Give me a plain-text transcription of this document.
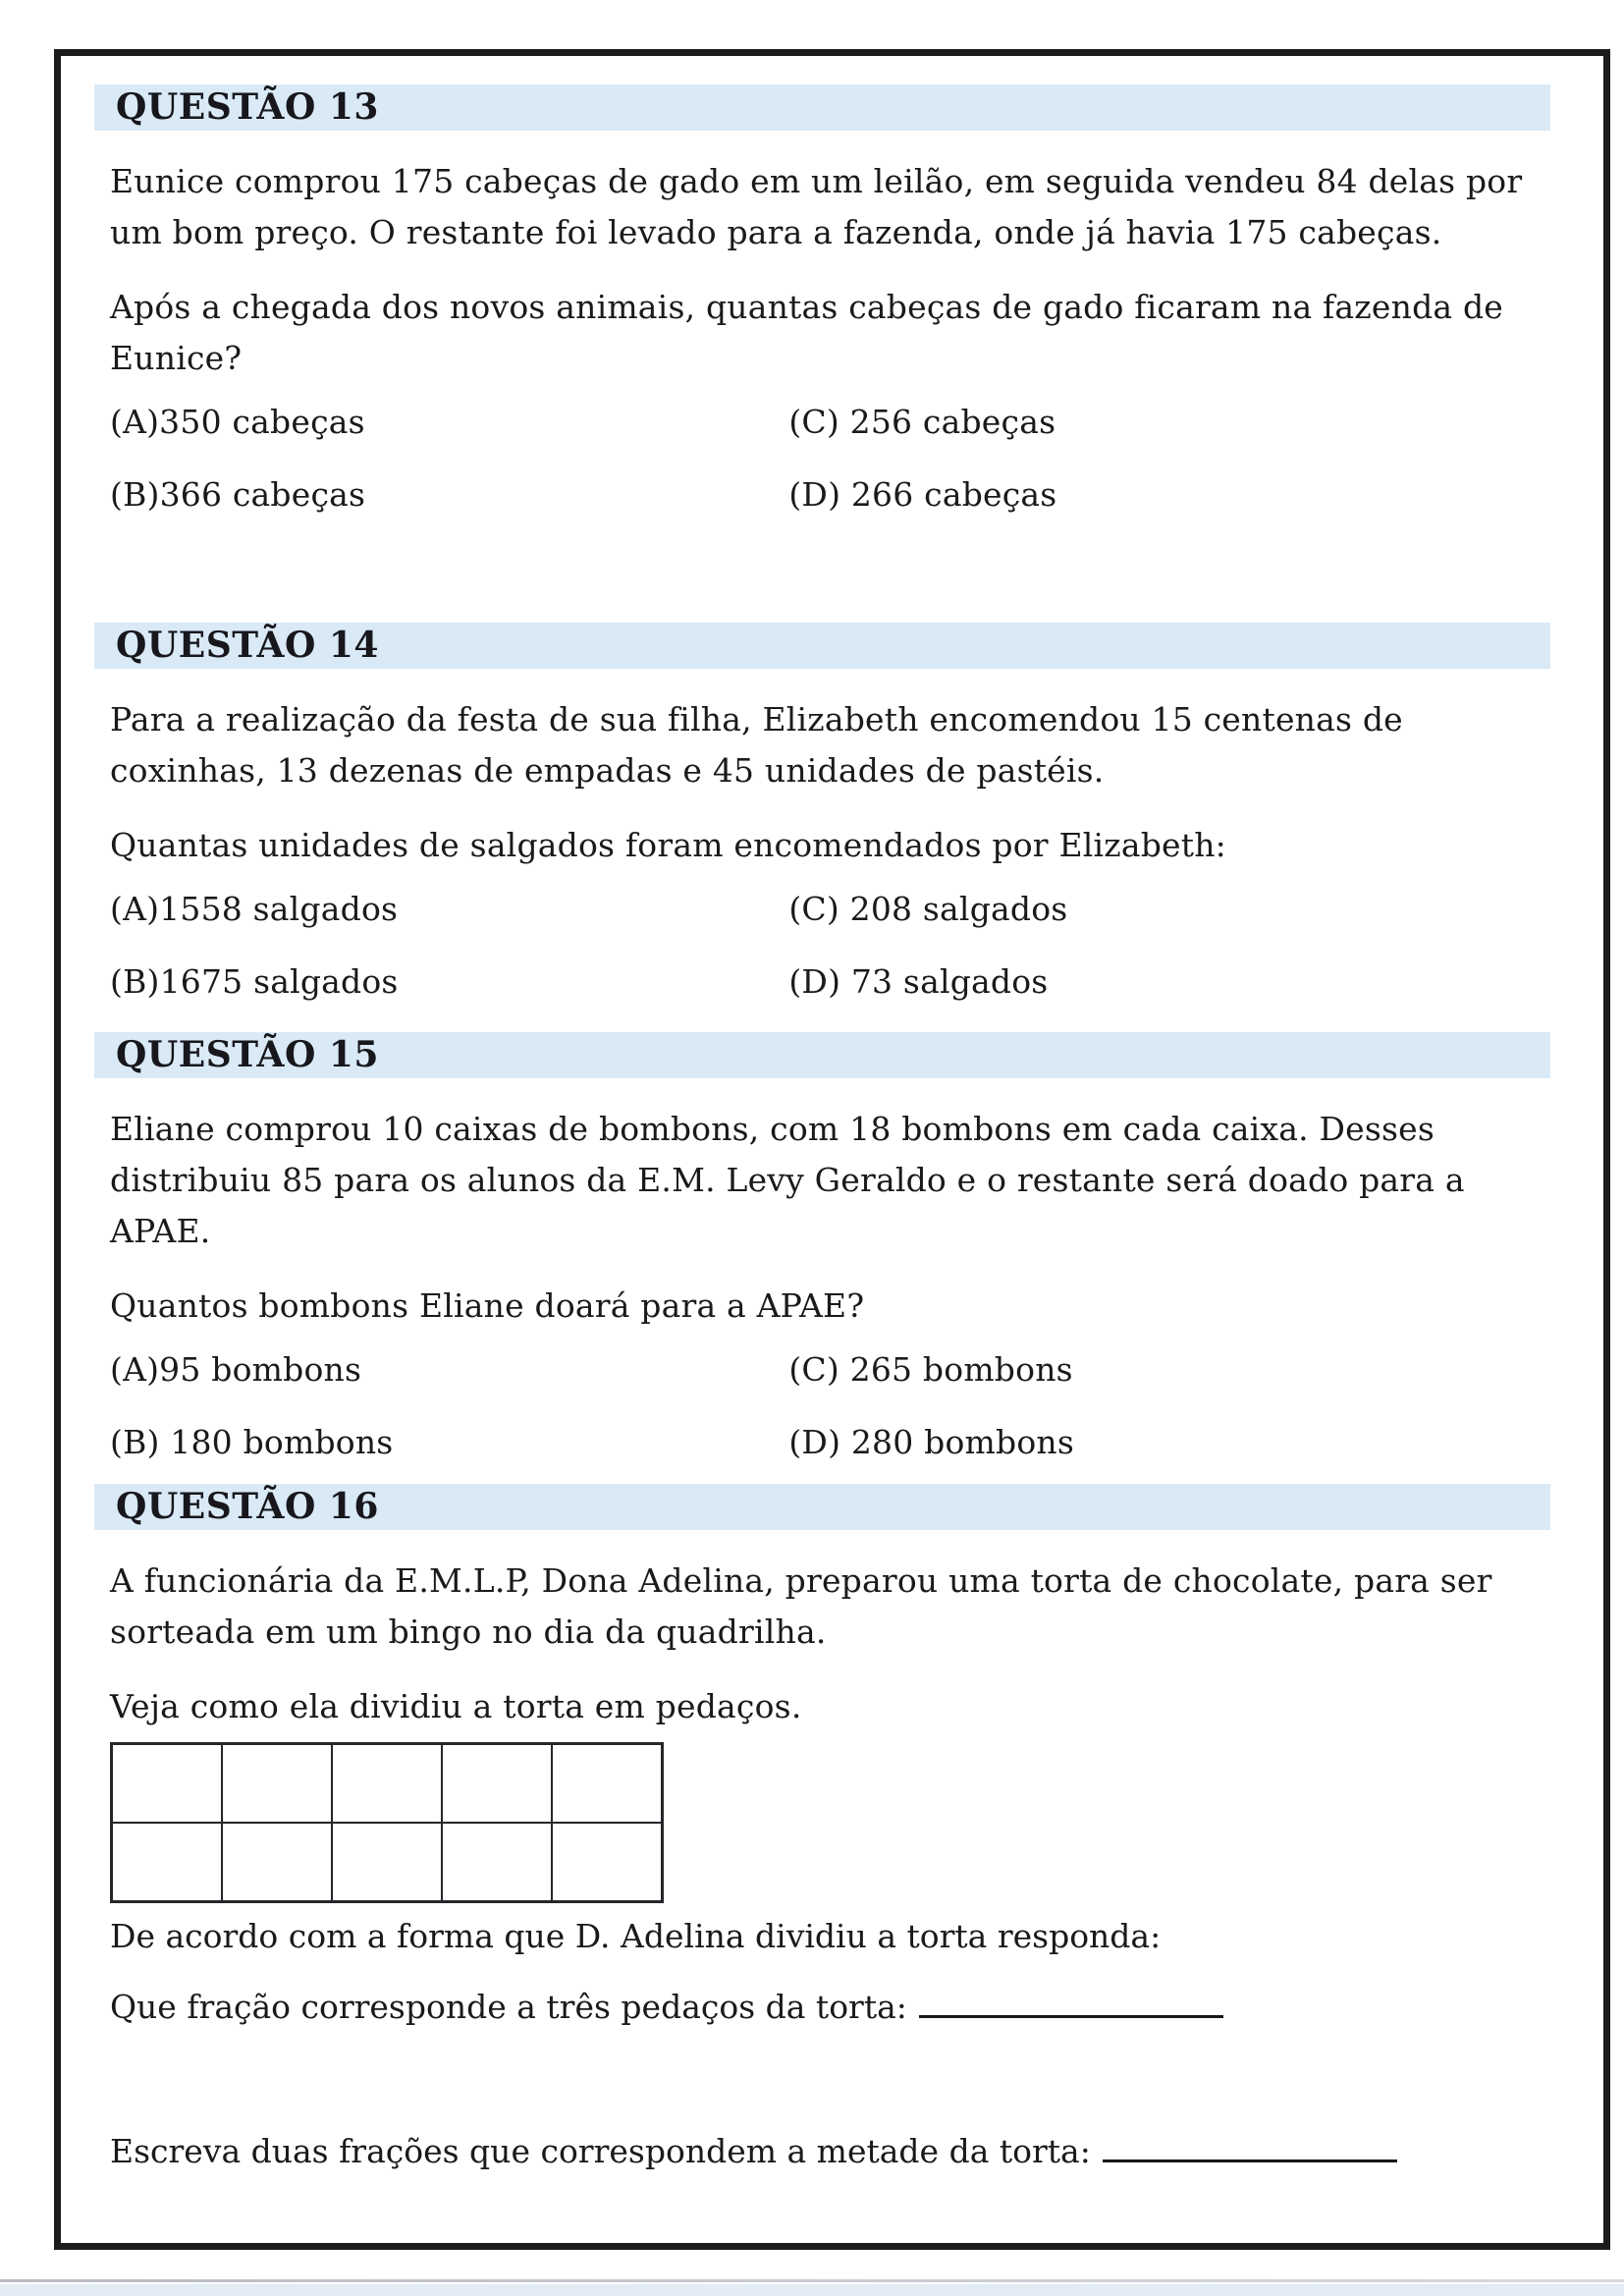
QUESTÃO 13

Eunice comprou 175 cabeças de gado em um leilão, em seguida vendeu 84 delas por um bom preço. O restante foi levado para a fazenda, onde já havia 175 cabeças.

Após a chegada dos novos animais, quantas cabeças de gado ficaram na fazenda de Eunice?

(A)350 cabeças	(C) 256 cabeças
(B)366 cabeças	(D) 266 cabeças
QUESTÃO 14

Para a realização da festa de sua filha, Elizabeth encomendou 15 centenas de coxinhas, 13 dezenas de empadas e 45 unidades de pastéis.

Quantas unidades de salgados foram encomendados por Elizabeth:

(A)1558 salgados	(C) 208 salgados
(B)1675 salgados	(D) 73 salgados
QUESTÃO 15

Eliane comprou 10 caixas de bombons, com 18 bombons em cada caixa. Desses distribuiu 85 para os alunos da E.M. Levy Geraldo e o restante será doado para a APAE.

Quantos bombons Eliane doará para a APAE?

(A)95 bombons	(C) 265 bombons
(B) 180 bombons	(D) 280 bombons
QUESTÃO 16

A funcionária da E.M.L.P, Dona Adelina, preparou uma torta de chocolate, para ser sorteada em um bingo no dia da quadrilha.

Veja como ela dividiu a torta em pedaços.

De acordo com a forma que D. Adelina dividiu a torta responda:

Que fração corresponde a três pedaços da torta:

Escreva duas frações que correspondem a metade da torta:
